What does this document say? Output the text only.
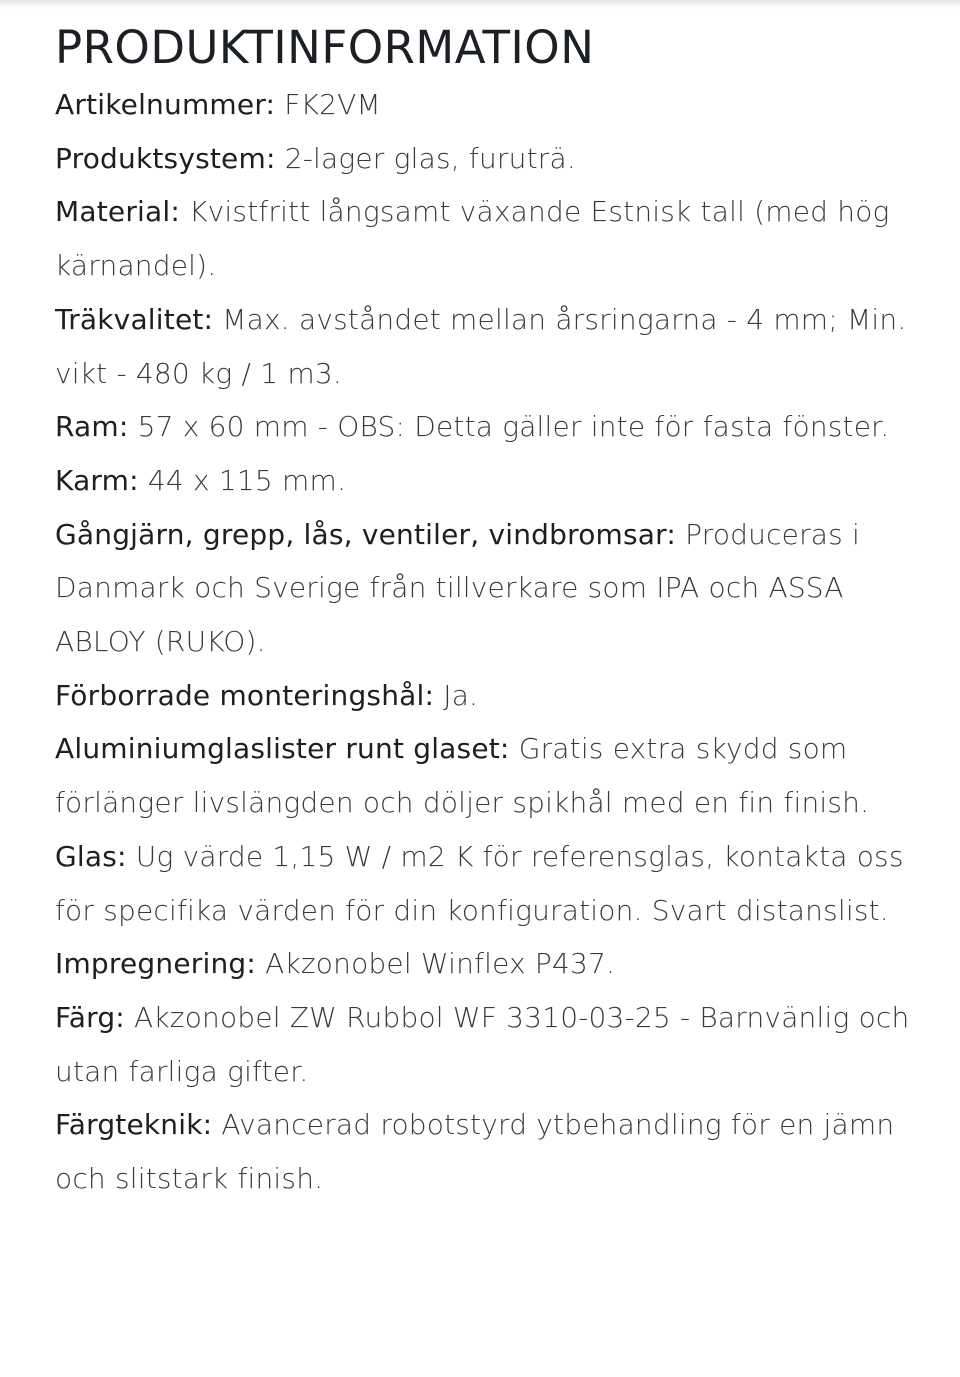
PRODUKTINFORMATION
Artikelnummer: FK2VM
Produktsystem: 2-lager glas, furuträ.
Material: Kvistfritt långsamt växande Estnisk tall (med hög kärnandel).
Träkvalitet: Max. avståndet mellan årsringarna - 4 mm; Min. vikt - 480 kg / 1 m3.
Ram: 57 x 60 mm - OBS: Detta gäller inte för fasta fönster.
Karm: 44 x 115 mm.
Gångjärn, grepp, lås, ventiler, vindbromsar: Produceras i Danmark och Sverige från tillverkare som IPA och ASSA ABLOY (RUKO).
Förborrade monteringshål: Ja.
Aluminiumglaslister runt glaset: Gratis extra skydd som förlänger livslängden och döljer spikhål med en fin finish.
Glas: Ug värde 1,15 W / m2 K för referensglas, kontakta oss för specifika värden för din konfiguration. Svart distanslist.
Impregnering: Akzonobel Winflex P437.
Färg: Akzonobel ZW Rubbol WF 3310-03-25 - Barnvänlig och utan farliga gifter.
Färgteknik: Avancerad robotstyrd ytbehandling för en jämn och slitstark finish.
